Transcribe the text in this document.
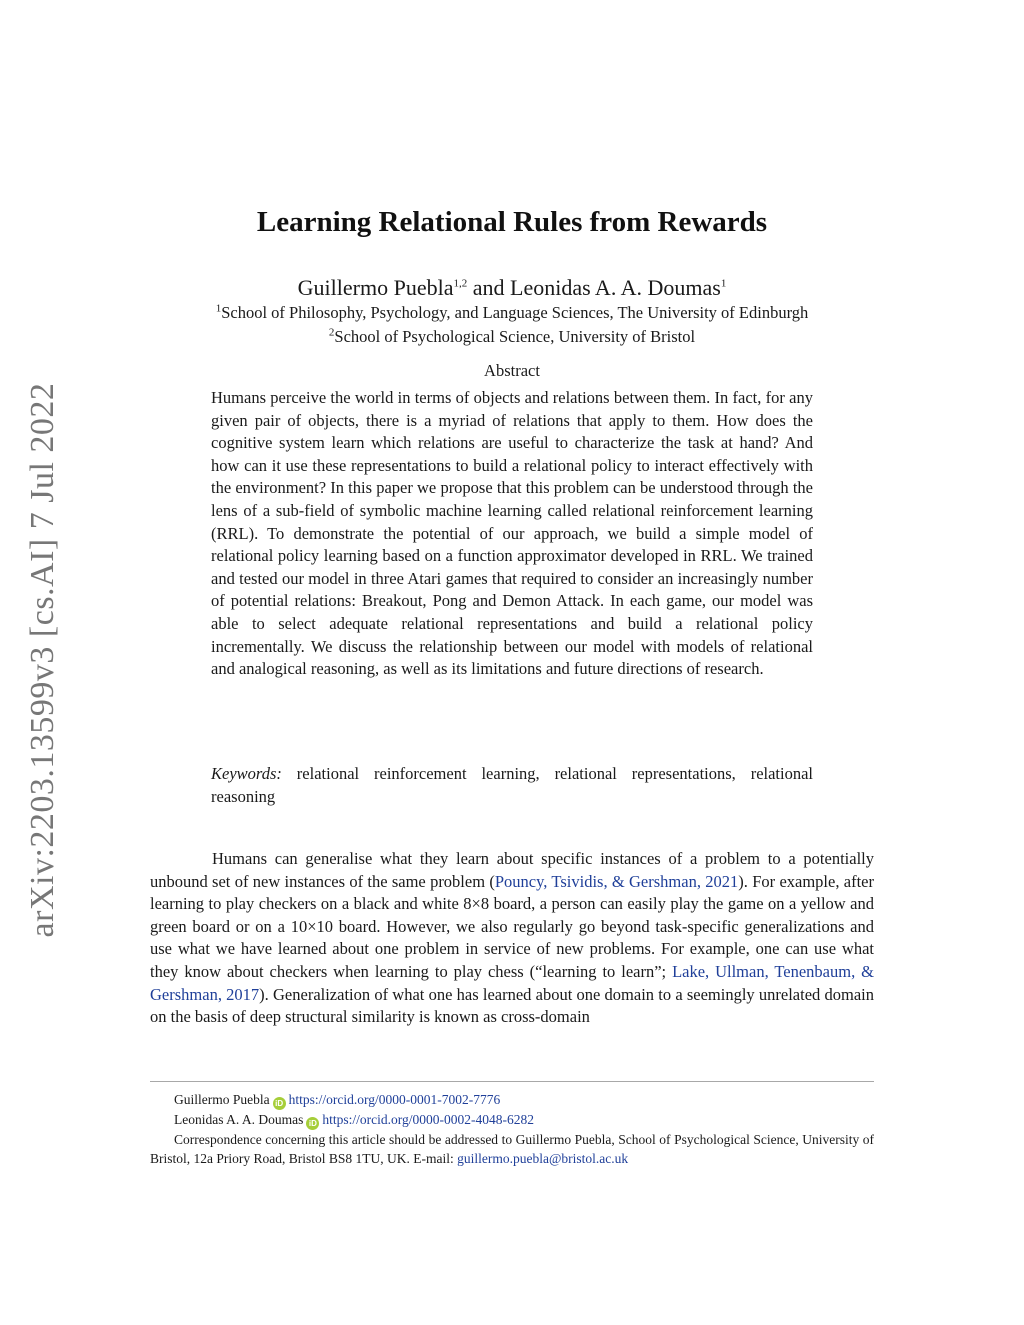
arXiv:2203.13599v3 [cs.AI] 7 Jul 2022
Learning Relational Rules from Rewards
Guillermo Puebla$^{1,2}$ and Leonidas A. A. Doumas$^1$
$^1$School of Philosophy, Psychology, and Language Sciences, The University of Edinburgh
$^2$School of Psychological Science, University of Bristol
Abstract

Humans perceive the world in terms of objects and relations between them. In fact, for any given pair of objects, there is a myriad of relations that apply to them. How does the cognitive system learn which relations are useful to characterize the task at hand? And how can it use these representations to build a relational policy to interact effectively with the environment? In this paper we propose that this problem can be understood through the lens of a sub-field of symbolic machine learning called relational reinforcement learning (RRL). To demonstrate the potential of our approach, we build a simple model of relational policy learning based on a function approximator developed in RRL. We trained and tested our model in three Atari games that required to consider an increasingly number of potential relations: Breakout, Pong and Demon Attack. In each game, our model was able to select adequate relational representations and build a relational policy incrementally. We discuss the relationship between our model with models of relational and analogical reasoning, as well as its limitations and future directions of research.

Keywords: relational reinforcement learning, relational representations, relational reasoning

Humans can generalise what they learn about specific instances of a problem to a potentially unbound set of new instances of the same problem (Pouncy, Tsividis, & Gershman, 2021). For example, after learning to play checkers on a black and white 8×8 board, a person can easily play the game on a yellow and green board or on a 10×10 board. However, we also regularly go beyond task-specific generalizations and use what we have learned about one problem in service of new problems. For example, one can use what they know about checkers when learning to play chess (“learning to learn”; Lake, Ullman, Tenenbaum, & Gershman, 2017). Generalization of what one has learned about one domain to a seemingly unrelated domain on the basis of deep structural similarity is known as cross-domain

Guillermo Puebla iD https://orcid.org/0000-0001-7002-7776

Leonidas A. A. Doumas iD https://orcid.org/0000-0002-4048-6282

Correspondence concerning this article should be addressed to Guillermo Puebla, School of Psychological Science, University of Bristol, 12a Priory Road, Bristol BS8 1TU, UK. E-mail: guillermo.puebla@bristol.ac.uk
